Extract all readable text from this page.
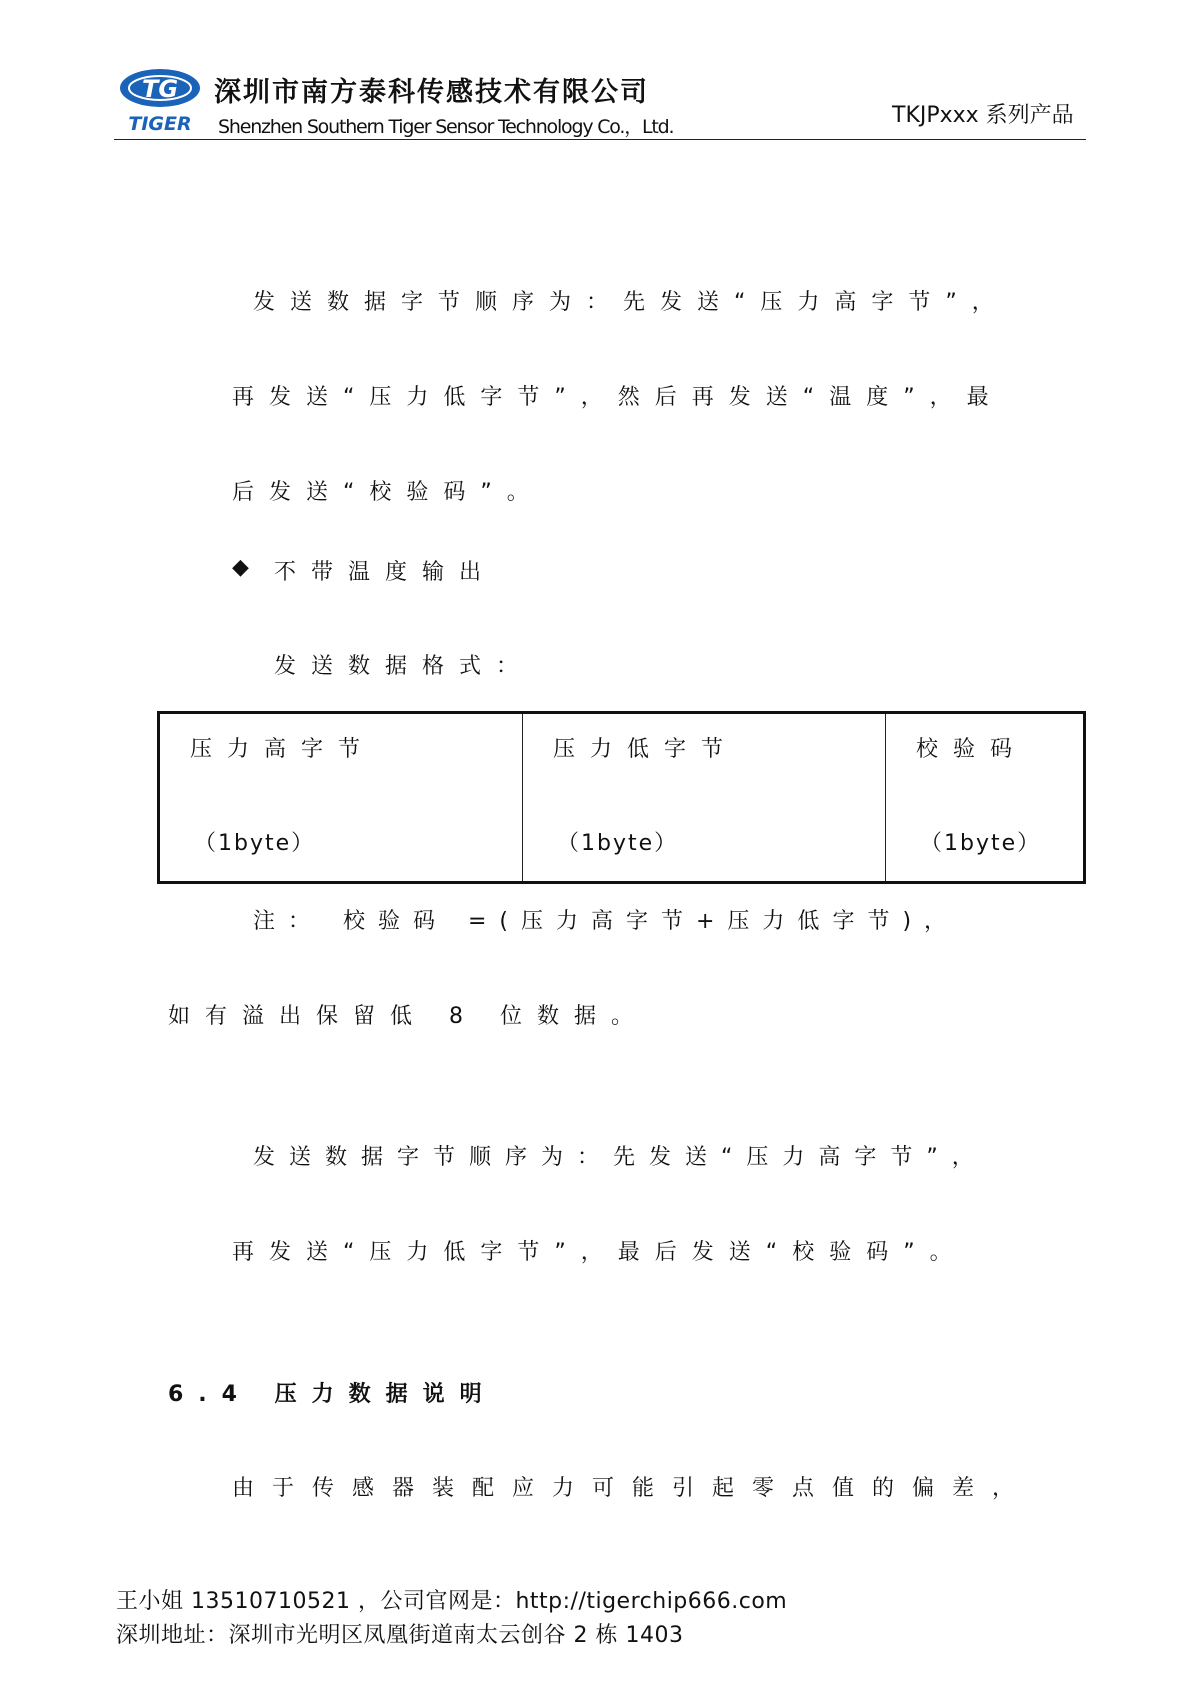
TG
TIGER
深圳市南方泰科传感技术有限公司
Shenzhen Southern Tiger Sensor Technology Co.，Ltd.	TKJPxxx 系列产品
发送数据字节顺序为：先发送“压力高字节”，
再发送“压力低字节”，然后再发送“温度”，最
后发送“校验码”。
◆ 不带温度输出
发送数据格式：
压力高字节
（1byte）

压力低字节
（1byte）

校验码
（1byte）
注： 校验码 =(压力高字节+压力低字节)，
如有溢出保留低 8 位数据。
发送数据字节顺序为：先发送“压力高字节”，
再发送“压力低字节”，最后发送“校验码”。
6.4 压力数据说明
由于传感器装配应力可能引起零点值的偏差，
王小姐 13510710521 ，公司官网是：http://tigerchip666.com
深圳地址：深圳市光明区凤凰街道南太云创谷 2 栋 1403
